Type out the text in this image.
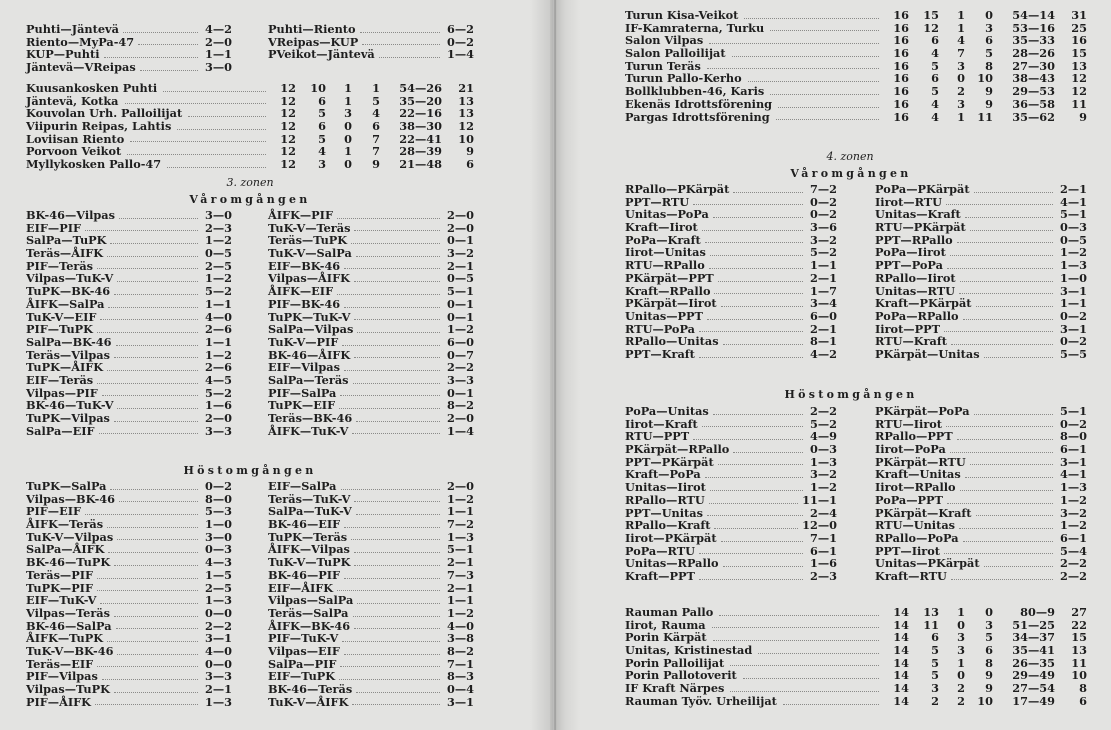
Puhti—Jäntevä	4—2
Riento—MyPa-47	2—0
KUP—Puhti	1—1
Jäntevä—VReipas	3—0
Puhti—Riento	6—2
VReipas—KUP	0—2
PVeikot—Jäntevä	1—4
Kuusankosken Puhti	12	10	1	1	54—26	21
Jäntevä, Kotka	12	6	1	5	35—20	13
Kouvolan Urh. Palloilijat	12	5	3	4	22—16	13
Viipurin Reipas, Lahtis	12	6	0	6	38—30	12
Loviisan Riento	12	5	0	7	22—41	10
Porvoon Veikot	12	4	1	7	28—39	9
Myllykosken Pallo-47	12	3	0	9	21—48	6
3. zonen
Våromgången
BK-46—Vilpas	3—0
EIF—PIF	2—3
SalPa—TuPK	1—2
Teräs—ÅIFK	0—5
PIF—Teräs	2—5
Vilpas—TuK-V	1—2
TuPK—BK-46	5—2
ÅIFK—SalPa	1—1
TuK-V—EIF	4—0
PIF—TuPK	2—6
SalPa—BK-46	1—1
Teräs—Vilpas	1—2
TuPK—ÅIFK	2—6
EIF—Teräs	4—5
Vilpas—PIF	5—2
BK-46—TuK-V	1—6
TuPK—Vilpas	2—0
SalPa—EIF	3—3
ÅIFK—PIF	2—0
TuK-V—Teräs	2—0
Teräs—TuPK	0—1
TuK-V—SalPa	3—2
EIF—BK-46	2—1
Vilpas—ÅIFK	0—5
ÅIFK—EIF	5—1
PIF—BK-46	0—1
TuPK—TuK-V	0—1
SalPa—Vilpas	1—2
TuK-V—PIF	6—0
BK-46—ÅIFK	0—7
EIF—Vilpas	2—2
SalPa—Teräs	3—3
PIF—SalPa	0—1
TuPK—EIF	8—2
Teräs—BK-46	2—0
ÅIFK—TuK-V	1—4
Höstomgången
TuPK—SalPa	0—2
Vilpas—BK-46	8—0
PIF—EIF	5—3
ÅIFK—Teräs	1—0
TuK-V—Vilpas	3—0
SalPa—ÅIFK	0—3
BK-46—TuPK	4—3
Teräs—PIF	1—5
TuPK—PIF	2—5
EIF—TuK-V	1—3
Vilpas—Teräs	0—0
BK-46—SalPa	2—2
ÅIFK—TuPK	3—1
TuK-V—BK-46	4—0
Teräs—EIF	0—0
PIF—Vilpas	3—3
Vilpas—TuPK	2—1
PIF—ÅIFK	1—3
EIF—SalPa	2—0
Teräs—TuK-V	1—2
SalPa—TuK-V	1—1
BK-46—EIF	7—2
TuPK—Teräs	1—3
ÅIFK—Vilpas	5—1
TuK-V—TuPK	2—1
BK-46—PIF	7—3
EIF—ÅIFK	2—1
Vilpas—SalPa	1—1
Teräs—SalPa	1—2
ÅIFK—BK-46	4—0
PIF—TuK-V	3—8
Vilpas—EIF	8—2
SalPa—PIF	7—1
EIF—TuPK	8—3
BK-46—Teräs	0—4
TuK-V—ÅIFK	3—1
Turun Kisa-Veikot	16	15	1	0	54—14	31
IF-Kamraterna, Turku	16	12	1	3	53—16	25
Salon Vilpas	16	6	4	6	35—33	16
Salon Palloilijat	16	4	7	5	28—26	15
Turun Teräs	16	5	3	8	27—30	13
Turun Pallo-Kerho	16	6	0	10	38—43	12
Bollklubben-46, Karis	16	5	2	9	29—53	12
Ekenäs Idrottsförening	16	4	3	9	36—58	11
Pargas Idrottsförening	16	4	1	11	35—62	9
4. zonen
Våromgången
RPallo—PKärpät	7—2
PPT—RTU	0—2
Unitas—PoPa	0—2
Kraft—Iirot	3—6
PoPa—Kraft	3—2
Iirot—Unitas	5—2
RTU—RPallo	1—1
PKärpät—PPT	2—1
Kraft—RPallo	1—7
PKärpät—Iirot	3—4
Unitas—PPT	6—0
RTU—PoPa	2—1
RPallo—Unitas	8—1
PPT—Kraft	4—2
PoPa—PKärpät	2—1
Iirot—RTU	4—1
Unitas—Kraft	5—1
RTU—PKärpät	0—3
PPT—RPallo	0—5
PoPa—Iirot	1—2
PPT—PoPa	1—3
RPallo—Iirot	1—0
Unitas—RTU	3—1
Kraft—PKärpät	1—1
PoPa—RPallo	0—2
Iirot—PPT	3—1
RTU—Kraft	0—2
PKärpät—Unitas	5—5
Höstomgången
PoPa—Unitas	2—2
Iirot—Kraft	5—2
RTU—PPT	4—9
PKärpät—RPallo	0—3
PPT—PKärpät	1—3
Kraft—PoPa	3—2
Unitas—Iirot	1—2
RPallo—RTU	11—1
PPT—Unitas	2—4
RPallo—Kraft	12—0
Iirot—PKärpät	7—1
PoPa—RTU	6—1
Unitas—RPallo	1—6
Kraft—PPT	2—3
PKärpät—PoPa	5—1
RTU—Iirot	0—2
RPallo—PPT	8—0
Iirot—PoPa	6—1
PKärpät—RTU	3—1
Kraft—Unitas	4—1
Iirot—RPallo	1—3
PoPa—PPT	1—2
PKärpät—Kraft	3—2
RTU—Unitas	1—2
RPallo—PoPa	6—1
PPT—Iirot	5—4
Unitas—PKärpät	2—2
Kraft—RTU	2—2
Rauman Pallo	14	13	1	0	80—9	27
Iirot, Rauma	14	11	0	3	51—25	22
Porin Kärpät	14	6	3	5	34—37	15
Unitas, Kristinestad	14	5	3	6	35—41	13
Porin Palloilijat	14	5	1	8	26—35	11
Porin Pallotoverit	14	5	0	9	29—49	10
IF Kraft Närpes	14	3	2	9	27—54	8
Rauman Työv. Urheilijat	14	2	2	10	17—49	6
